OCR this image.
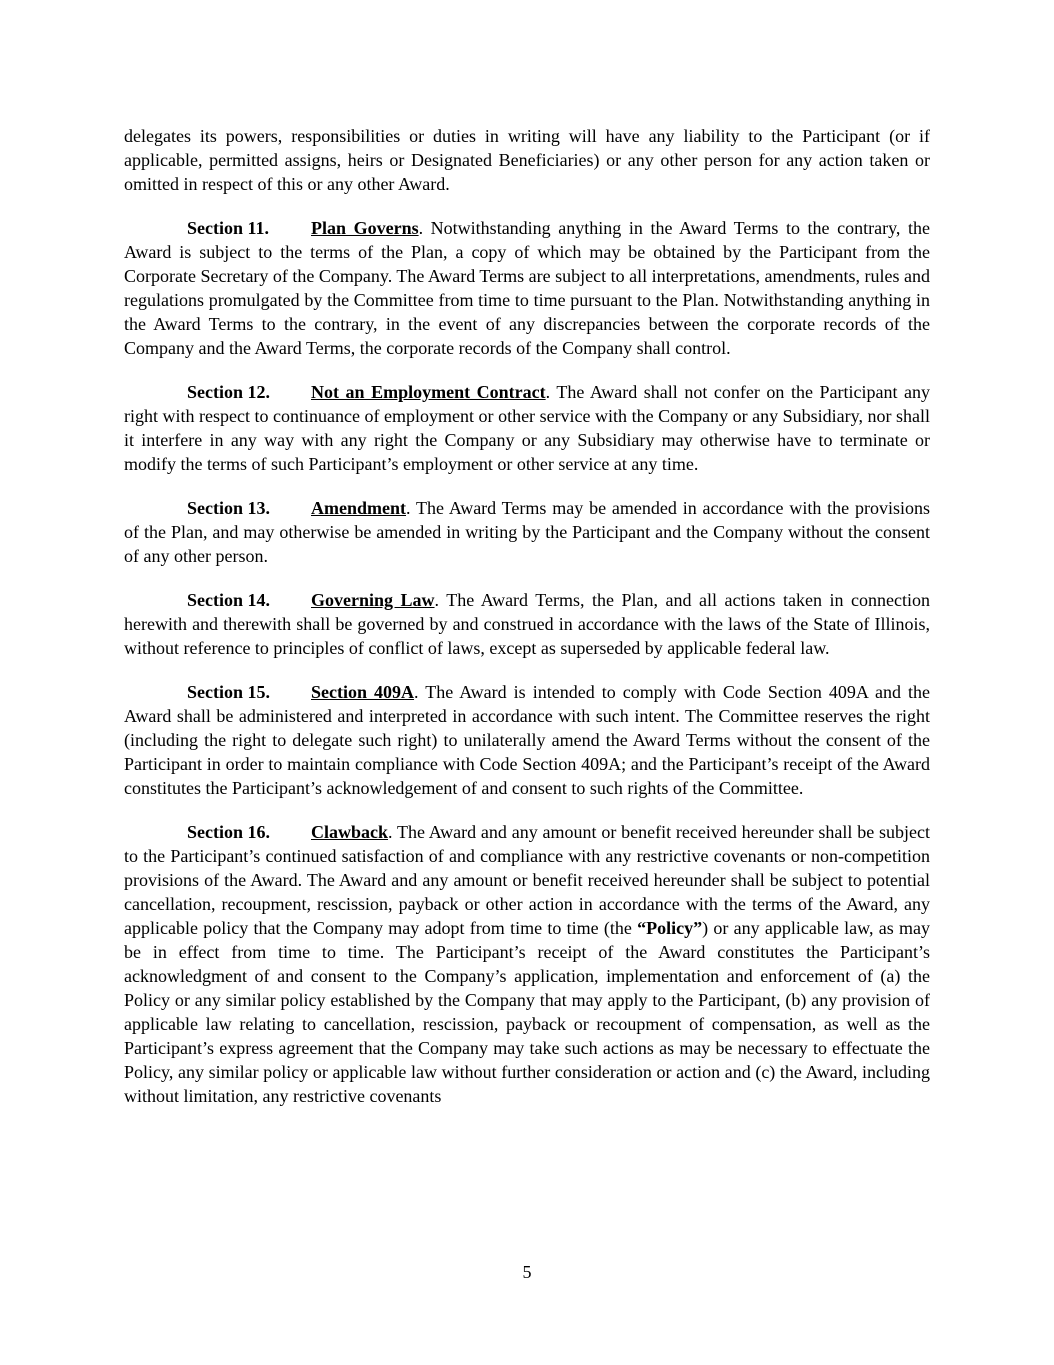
delegates its powers, responsibilities or duties in writing will have any liability to the Participant (or if applicable, permitted assigns, heirs or Designated Beneficiaries) or any other person for any action taken or omitted in respect of this or any other Award.

Section 11. Plan Governs. Notwithstanding anything in the Award Terms to the contrary, the Award is subject to the terms of the Plan, a copy of which may be obtained by the Participant from the Corporate Secretary of the Company. The Award Terms are subject to all interpretations, amendments, rules and regulations promulgated by the Committee from time to time pursuant to the Plan. Notwithstanding anything in the Award Terms to the contrary, in the event of any discrepancies between the corporate records of the Company and the Award Terms, the corporate records of the Company shall control.

Section 12. Not an Employment Contract. The Award shall not confer on the Participant any right with respect to continuance of employment or other service with the Company or any Subsidiary, nor shall it interfere in any way with any right the Company or any Subsidiary may otherwise have to terminate or modify the terms of such Participant’s employment or other service at any time.

Section 13. Amendment. The Award Terms may be amended in accordance with the provisions of the Plan, and may otherwise be amended in writing by the Participant and the Company without the consent of any other person.

Section 14. Governing Law. The Award Terms, the Plan, and all actions taken in connection herewith and therewith shall be governed by and construed in accordance with the laws of the State of Illinois, without reference to principles of conflict of laws, except as superseded by applicable federal law.

Section 15. Section 409A. The Award is intended to comply with Code Section 409A and the Award shall be administered and interpreted in accordance with such intent. The Committee reserves the right (including the right to delegate such right) to unilaterally amend the Award Terms without the consent of the Participant in order to maintain compliance with Code Section 409A; and the Participant’s receipt of the Award constitutes the Participant’s acknowledgement of and consent to such rights of the Committee.

Section 16. Clawback. The Award and any amount or benefit received hereunder shall be subject to the Participant’s continued satisfaction of and compliance with any restrictive covenants or non-competition provisions of the Award. The Award and any amount or benefit received hereunder shall be subject to potential cancellation, recoupment, rescission, payback or other action in accordance with the terms of the Award, any applicable policy that the Company may adopt from time to time (the “Policy”) or any applicable law, as may be in effect from time to time. The Participant’s receipt of the Award constitutes the Participant’s acknowledgment of and consent to the Company’s application, implementation and enforcement of (a) the Policy or any similar policy established by the Company that may apply to the Participant, (b) any provision of applicable law relating to cancellation, rescission, payback or recoupment of compensation, as well as the Participant’s express agreement that the Company may take such actions as may be necessary to effectuate the Policy, any similar policy or applicable law without further consideration or action and (c) the Award, including without limitation, any restrictive covenants

5
